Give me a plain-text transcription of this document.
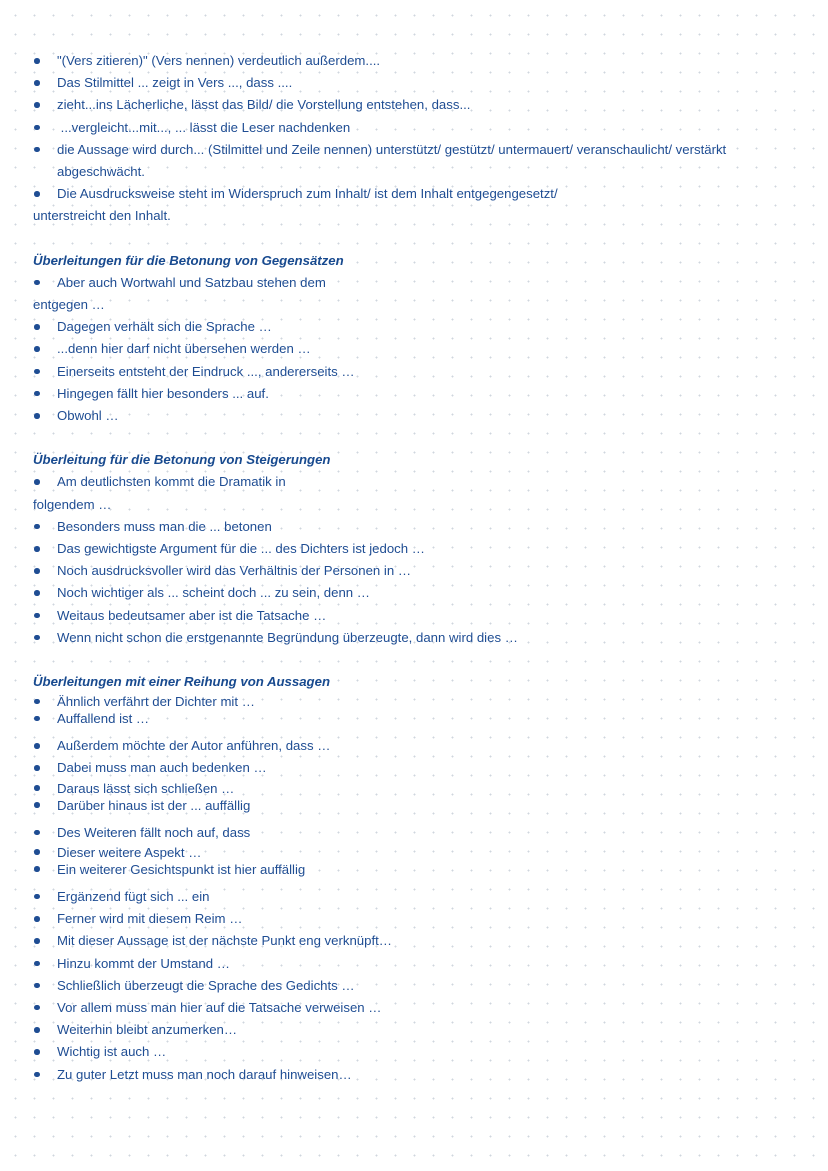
"(Vers zitieren)" (Vers nennen) verdeutlich außerdem....
Das Stilmittel ... zeigt in Vers ..., dass ....
zieht...ins Lächerliche, lässt das Bild/ die Vorstellung entstehen, dass...
...vergleicht...mit..., ... lässt die Leser nachdenken
die Aussage wird durch... (Stilmittel und Zeile nennen) unterstützt/ gestützt/ untermauert/ veranschaulicht/ verstärkt abgeschwächt.
Die Ausdrucksweise steht im Widerspruch zum Inhalt/ ist dem Inhalt entgegengesetzt/
unterstreicht den Inhalt.
Überleitungen für die Betonung von Gegensätzen
Aber auch Wortwahl und Satzbau stehen dem
entgegen …
Dagegen verhält sich die Sprache …
...denn hier darf nicht übersehen werden …
Einerseits entsteht der Eindruck ..., andererseits …
Hingegen fällt hier besonders ... auf.
Obwohl …
Überleitung für die Betonung von Steigerungen
Am deutlichsten kommt die Dramatik in
folgendem …
Besonders muss man die ... betonen
Das gewichtigste Argument für die ... des Dichters ist jedoch …
Noch ausdrucksvoller wird das Verhältnis der Personen in …
Noch wichtiger als ... scheint doch ... zu sein, denn …
Weitaus bedeutsamer aber ist die Tatsache …
Wenn nicht schon die erstgenannte Begründung überzeugte, dann wird dies …
Überleitungen mit einer Reihung von Aussagen
Ähnlich verfährt der Dichter mit …
Auffallend ist …
Außerdem möchte der Autor anführen, dass …
Dabei muss man auch bedenken …
Daraus lässt sich schließen …
Darüber hinaus ist der ... auffällig
Des Weiteren fällt noch auf, dass
Dieser weitere Aspekt …
Ein weiterer Gesichtspunkt ist hier auffällig
Ergänzend fügt sich ... ein
Ferner wird mit diesem Reim …
Mit dieser Aussage ist der nächste Punkt eng verknüpft…
Hinzu kommt der Umstand …
Schließlich überzeugt die Sprache des Gedichts …
Vor allem muss man hier auf die Tatsache verweisen …
Weiterhin bleibt anzumerken…
Wichtig ist auch …
Zu guter Letzt muss man noch darauf hinweisen…
